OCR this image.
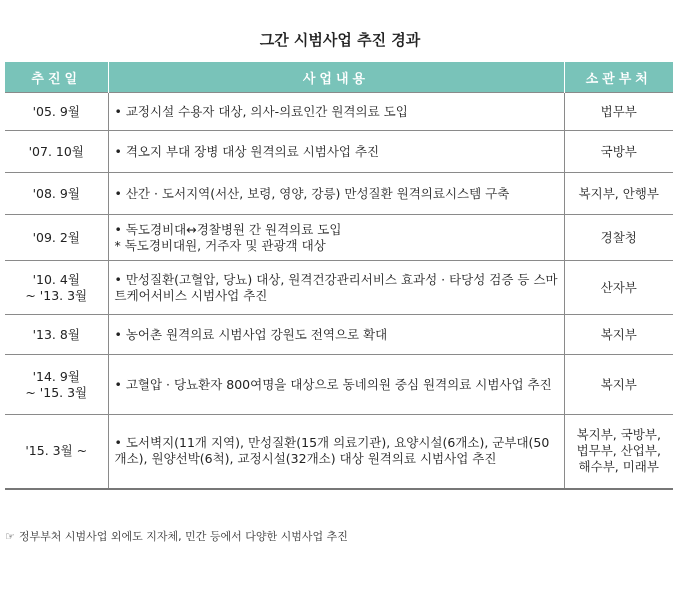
그간 시범사업 추진 경과
추진일	사업내용	소관부처

'05. 9월	• 교정시설 수용자 대상, 의사-의료인간 원격의료 도입	법무부

'07. 10월	• 격오지 부대 장병 대상 원격의료 시범사업 추진	국방부

'08. 9월	• 산간 · 도서지역(서산, 보령, 영양, 강릉) 만성질환 원격의료시스템 구축	복지부, 안행부

'09. 2월	• 독도경비대↔경찰병원 간 원격의료 도입
* 독도경비대원, 거주자 및 관광객 대상	경찰청

'10. 4월
~ '13. 3월	• 만성질환(고혈압, 당뇨) 대상, 원격건강관리서비스 효과성 · 타당성 검증 등 스마트케어서비스 시범사업 추진	산자부

'13. 8월	• 농어촌 원격의료 시범사업 강원도 전역으로 확대	복지부

'14. 9월
~ '15. 3월	• 고혈압 · 당뇨환자 800여명을 대상으로 동네의원 중심 원격의료 시범사업 추진	복지부

'15. 3월 ~	• 도서벽지(11개 지역), 만성질환(15개 의료기관), 요양시설(6개소), 군부대(50개소), 원양선박(6척), 교정시설(32개소) 대상 원격의료 시범사업 추진	복지부, 국방부,
법무부, 산업부,
해수부, 미래부
☞ 정부부처 시범사업 외에도 지자체, 민간 등에서 다양한 시범사업 추진
